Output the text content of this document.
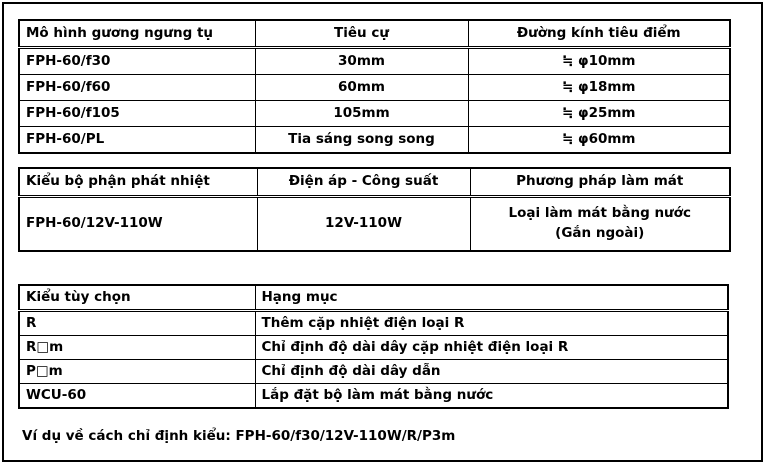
Mô hình gương ngưng tụ	Tiêu cự	Đường kính tiêu điểm
FPH-60/f30	30mm	≒ φ10mm
FPH-60/f60	60mm	≒ φ18mm
FPH-60/f105	105mm	≒ φ25mm
FPH-60/PL	Tia sáng song song	≒ φ60mm
Kiểu bộ phận phát nhiệt	Điện áp - Công suất	Phương pháp làm mát
FPH-60/12V-110W	12V-110W	Loại làm mát bằng nước
(Gắn ngoài)
Kiểu tùy chọn	Hạng mục
R	Thêm cặp nhiệt điện loại R
R□m	Chỉ định độ dài dây cặp nhiệt điện loại R
P□m	Chỉ định độ dài dây dẫn
WCU-60	Lắp đặt bộ làm mát bằng nước
Ví dụ về cách chỉ định kiểu: FPH-60/f30/12V-110W/R/P3m
